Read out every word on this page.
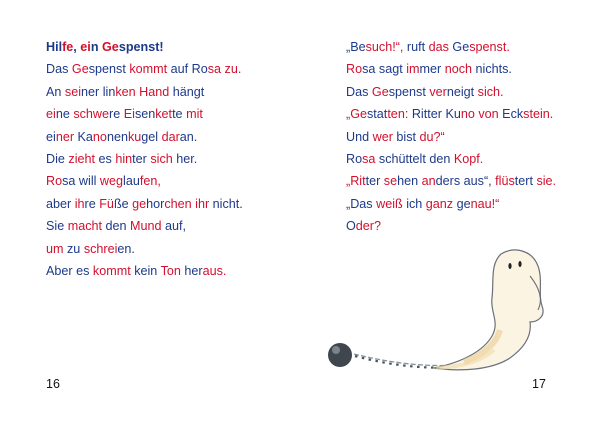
Hilfe, ein Gespenst!
Das Gespenst kommt auf Rosa zu.
An seiner linken Hand hängt
eine schwere Eisenkette mit
einer Kanonenkugel daran.
Die zieht es hinter sich her.
Rosa will weglaufen,
aber ihre Füße gehorchen ihr nicht.
Sie macht den Mund auf,
um zu schreien.
Aber es kommt kein Ton heraus.
16
„Besuch!“, ruft das Gespenst.
Rosa sagt immer noch nichts.
Das Gespenst verneigt sich.
„Gestatten: Ritter Kuno von Eckstein.
Und wer bist du?“
Rosa schüttelt den Kopf.
„Ritter sehen anders aus“, flüstert sie.
„Das weiß ich ganz genau!“
Oder?
17
